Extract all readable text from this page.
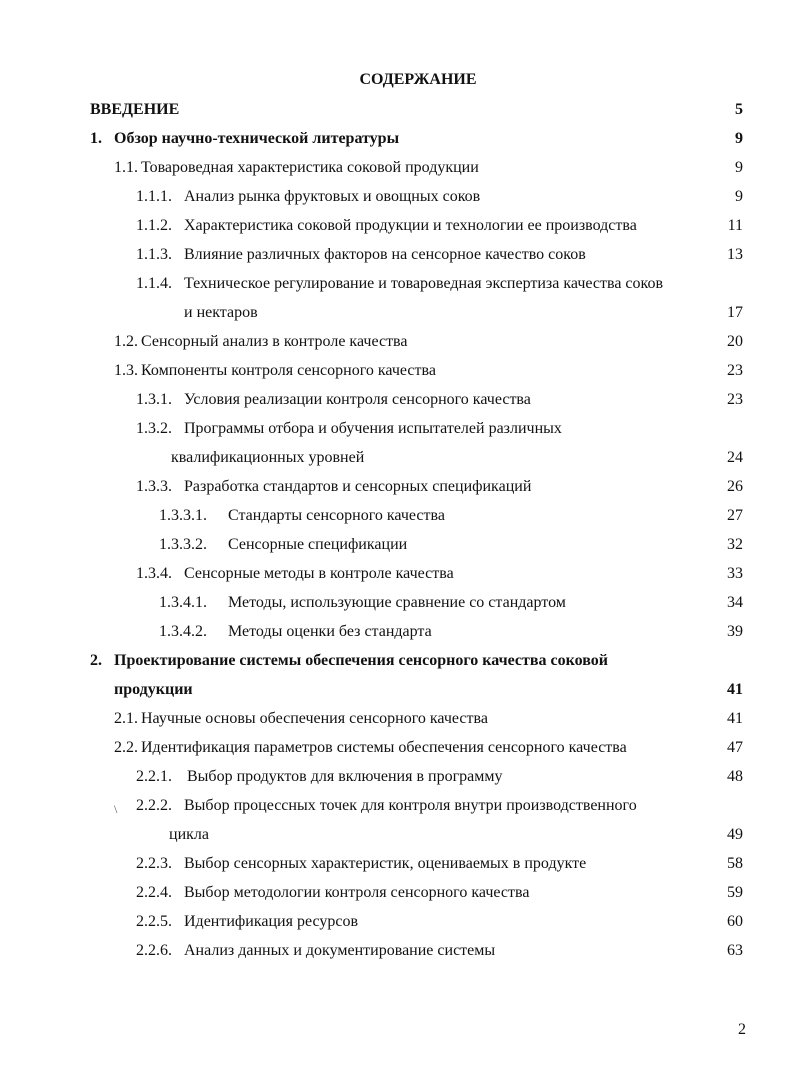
СОДЕРЖАНИЕ
ВВЕДЕНИЕ	5
1. Обзор научно-технической литературы	9
1.1. Товароведная характеристика соковой продукции	9
1.1.1. Анализ рынка фруктовых и овощных соков	9
1.1.2. Характеристика соковой продукции и технологии ее производства	11
1.1.3. Влияние различных факторов на сенсорное качество соков	13
1.1.4. Техническое регулирование и товароведная экспертиза качества соков
и нектаров	17
1.2. Сенсорный анализ в контроле качества	20
1.3. Компоненты контроля сенсорного качества	23
1.3.1. Условия реализации контроля сенсорного качества	23
1.3.2. Программы отбора и обучения испытателей различных
квалификационных уровней	24
1.3.3. Разработка стандартов и сенсорных спецификаций	26
1.3.3.1. Стандарты сенсорного качества	27
1.3.3.2. Сенсорные спецификации	32
1.3.4. Сенсорные методы в контроле качества	33
1.3.4.1. Методы, использующие сравнение со стандартом	34
1.3.4.2. Методы оценки без стандарта	39
2. Проектирование системы обеспечения сенсорного качества соковой
продукции	41
2.1. Научные основы обеспечения сенсорного качества	41
2.2. Идентификация параметров системы обеспечения сенсорного качества	47
2.2.1. Выбор продуктов для включения в программу	48
\ 2.2.2. Выбор процессных точек для контроля внутри производственного
цикла	49
2.2.3. Выбор сенсорных характеристик, оцениваемых в продукте	58
2.2.4. Выбор методологии контроля сенсорного качества	59
2.2.5. Идентификация ресурсов	60
2.2.6. Анализ данных и документирование системы	63
2
